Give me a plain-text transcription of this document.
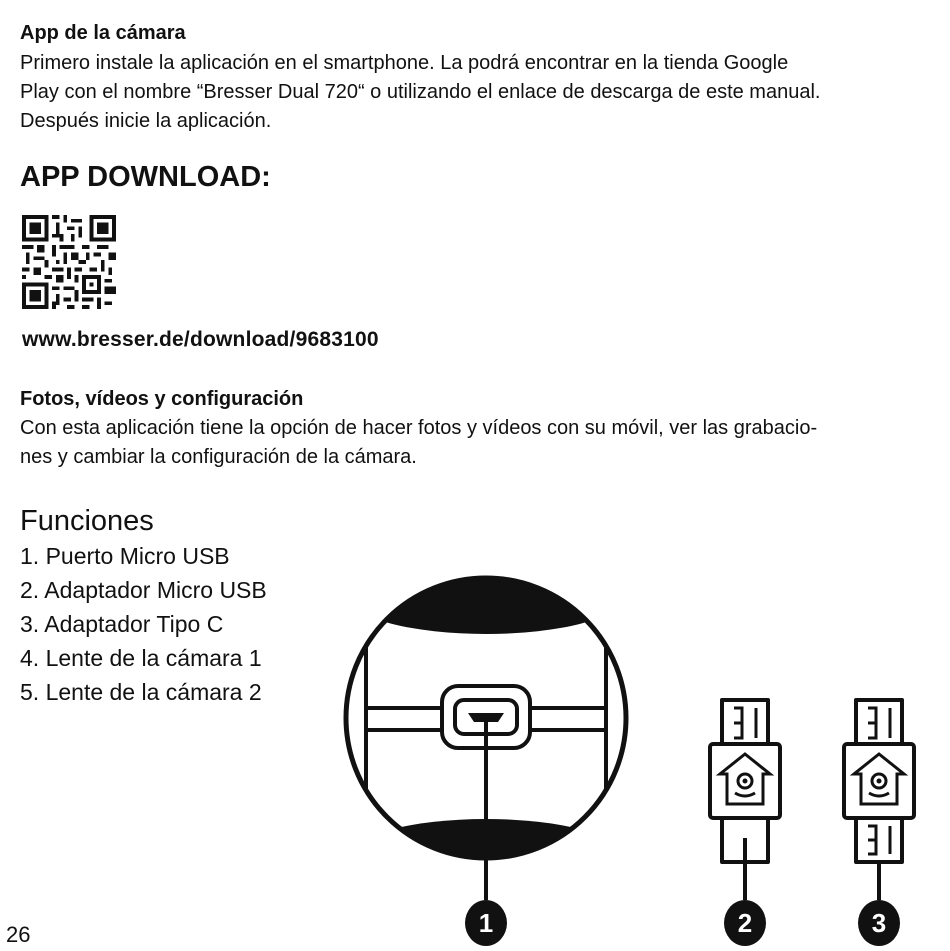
App de la cámara
Primero instale la aplicación en el smartphone. La podrá encontrar en la tienda Google
Play con el nombre “Bresser Dual 720“ o utilizando el enlace de descarga de este manual.
Después inicie la aplicación.
APP DOWNLOAD:
www.bresser.de/download/9683100
Fotos, vídeos y configuración
Con esta aplicación tiene la opción de hacer fotos y vídeos con su móvil, ver las grabacio-
nes y cambiar la configuración de la cámara.
Funciones
1. Puerto Micro USB
2. Adaptador Micro USB
3. Adaptador Tipo C
4. Lente de la cámara 1
5. Lente de la cámara 2
1	2	3
26
